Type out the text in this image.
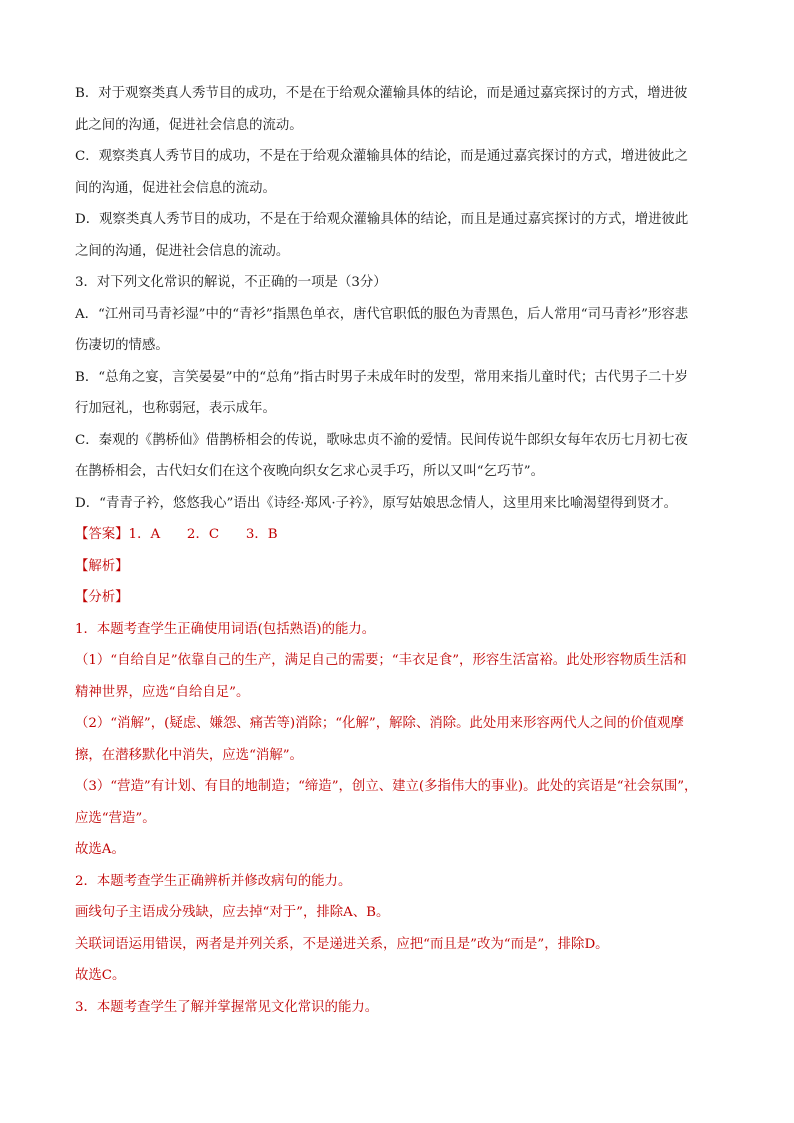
B．对于观察类真人秀节目的成功，不是在于给观众灌输具体的结论，而是通过嘉宾探讨的方式，增进彼
此之间的沟通，促进社会信息的流动。
C．观察类真人秀节目的成功，不是在于给观众灌输具体的结论，而是通过嘉宾探讨的方式，增进彼此之
间的沟通，促进社会信息的流动。
D．观察类真人秀节目的成功，不是在于给观众灌输具体的结论，而且是通过嘉宾探讨的方式，增进彼此
之间的沟通，促进社会信息的流动。
3．对下列文化常识的解说，不正确的一项是（3分）
A．“江州司马青衫湿”中的“青衫”指黑色单衣，唐代官职低的服色为青黑色，后人常用“司马青衫”形容悲
伤凄切的情感。
B．“总角之宴，言笑晏晏”中的“总角”指古时男子未成年时的发型，常用来指儿童时代；古代男子二十岁
行加冠礼，也称弱冠，表示成年。
C．秦观的《鹊桥仙》借鹊桥相会的传说，歌咏忠贞不渝的爱情。民间传说牛郎织女每年农历七月初七夜
在鹊桥相会，古代妇女们在这个夜晚向织女乞求心灵手巧，所以又叫“乞巧节”。
D．“青青子衿，悠悠我心”语出《诗经·郑风·子衿》，原写姑娘思念情人，这里用来比喻渴望得到贤才。
【答案】1．A　　2．C　　3．B
【解析】
【分析】
1．本题考查学生正确使用词语(包括熟语)的能力。
（1）“自给自足”依靠自己的生产，满足自己的需要；“丰衣足食”，形容生活富裕。此处形容物质生活和
精神世界，应选“自给自足”。
（2）“消解”，(疑虑、嫌怨、痛苦等)消除；“化解”，解除、消除。此处用来形容两代人之间的价值观摩
擦，在潜移默化中消失，应选“消解”。
（3）“营造”有计划、有目的地制造；“缔造”，创立、建立(多指伟大的事业)。此处的宾语是“社会氛围”，
应选“营造”。
故选A。
2．本题考查学生正确辨析并修改病句的能力。
画线句子主语成分残缺，应去掉“对于”，排除A、B。
关联词语运用错误，两者是并列关系，不是递进关系，应把“而且是”改为“而是”，排除D。
故选C。
3．本题考查学生了解并掌握常见文化常识的能力。
